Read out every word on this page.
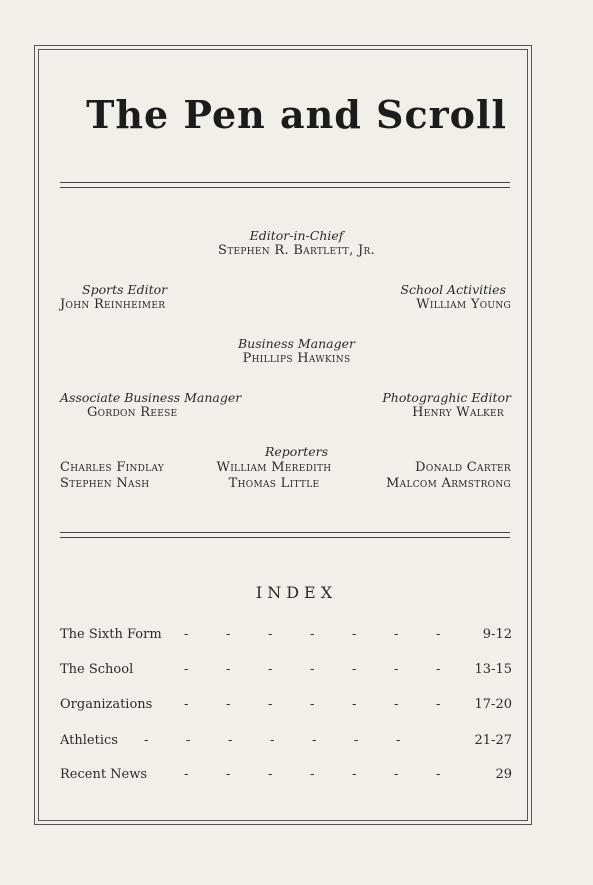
The Pen and Scroll
Editor-in-Chief
Stephen R. Bartlett, Jr.
Sports Editor
John Reinheimer
School Activities
William Young
Business Manager
Phillips Hawkins
Associate Business Manager
Gordon Reese
Photograghic Editor
Henry Walker
Reporters
Charles Findlay	William Meredith	Donald Carter
Stephen Nash	Thomas Little	Malcom Armstrong
INDEX
The Sixth Form	9-12
-	-	-	-	-	-	-
The School	13-15
-	-	-	-	-	-	-
Organizations	17-20
-	-	-	-	-	-	-
Athletics	21-27
-	-	-	-	-	-	-
Recent News	29
-	-	-	-	-	-	-
